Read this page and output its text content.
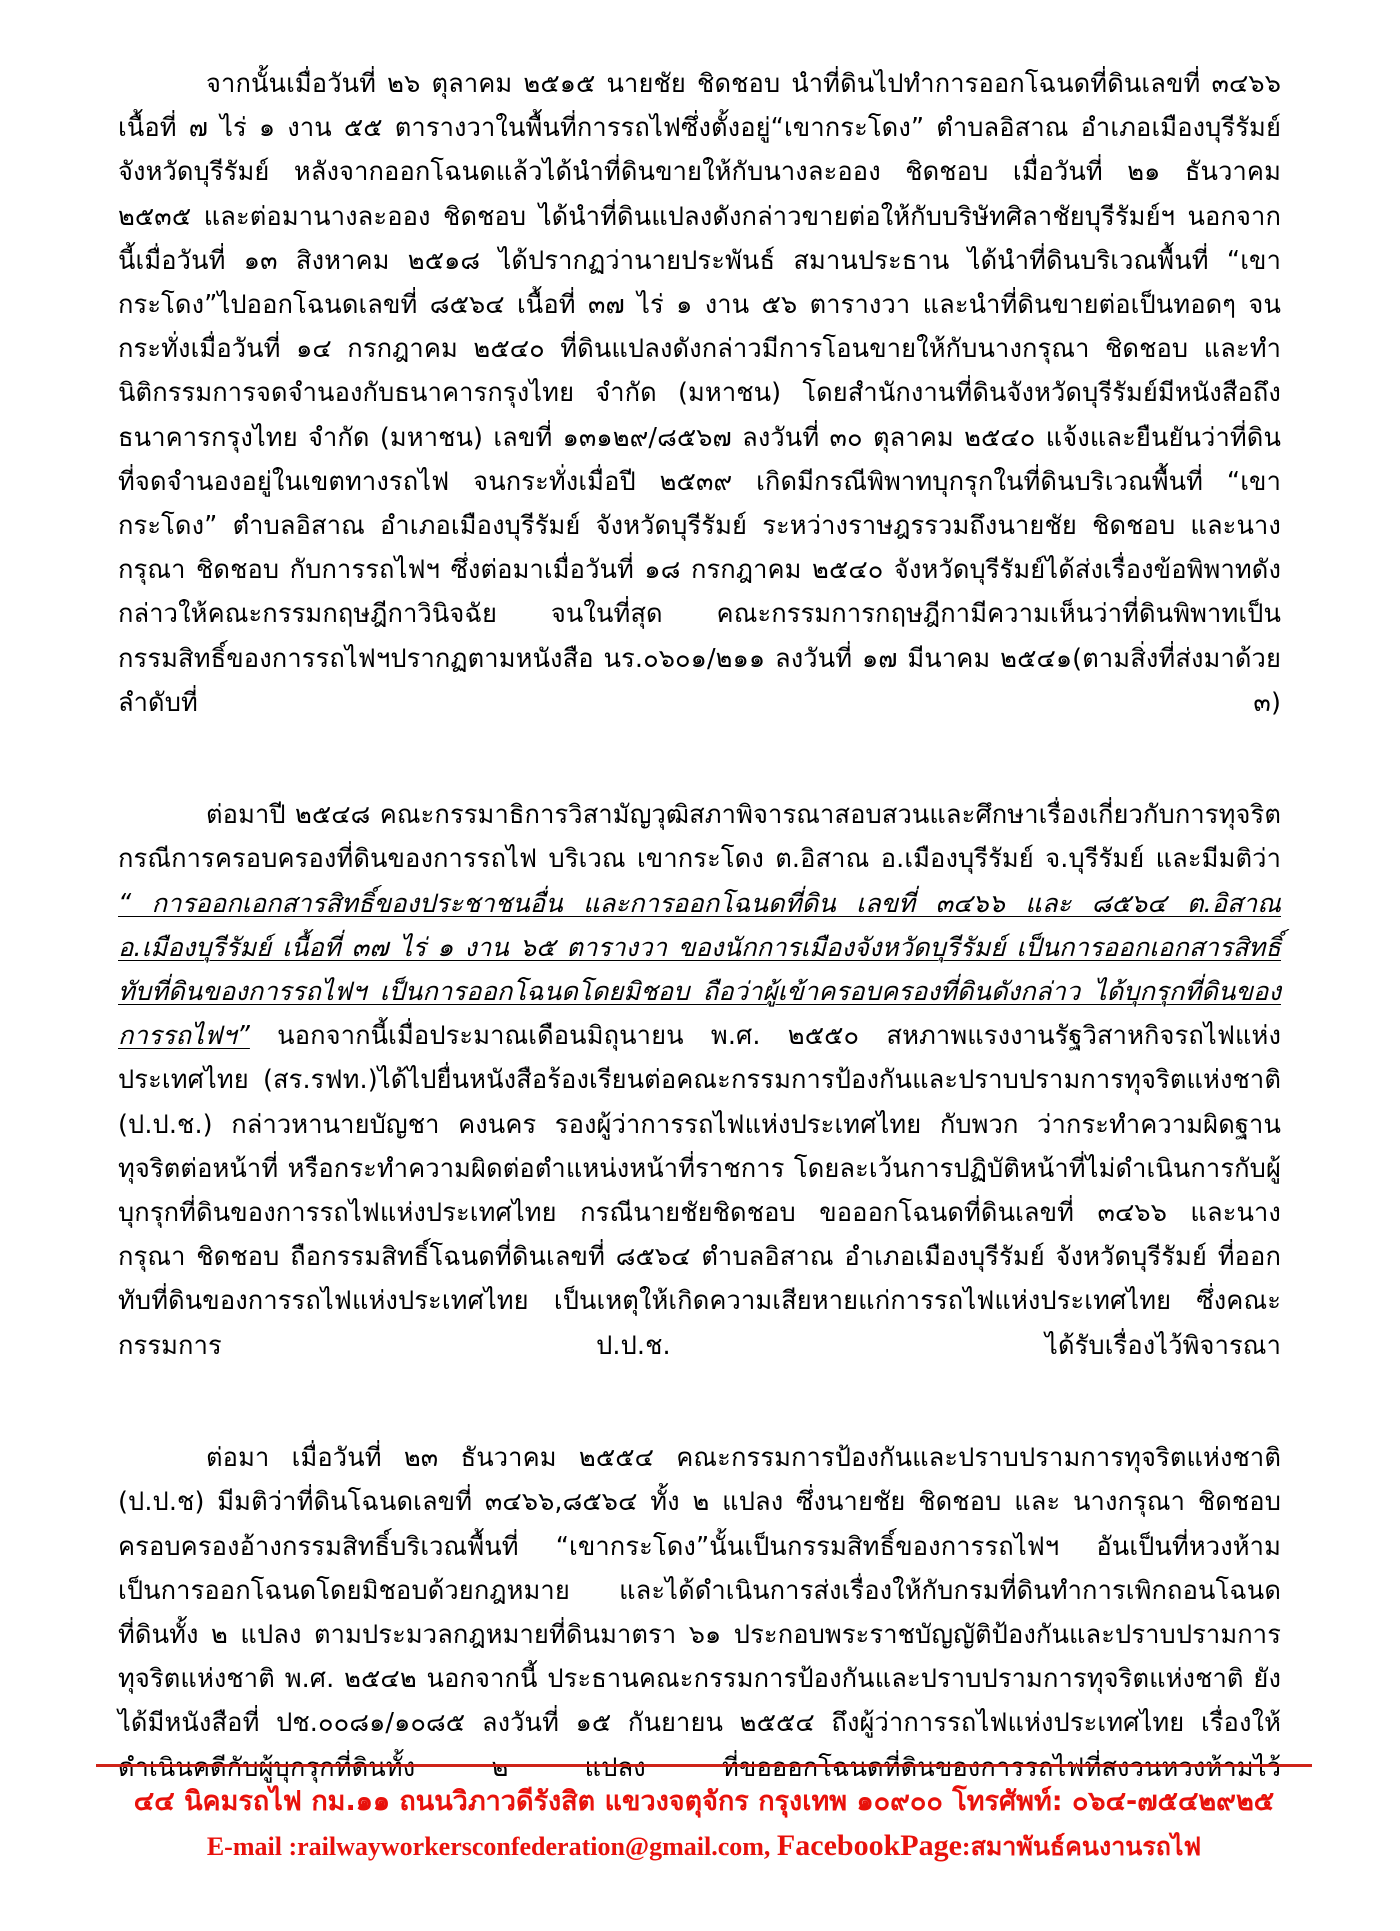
จากนั้นเมื่อวันที่ ๒๖ ตุลาคม ๒๕๑๕ นายชัย ชิดชอบ นำที่ดินไปทำการออกโฉนดที่ดินเลขที่ ๓๔๖๖ เนื้อที่ ๗ ไร่ ๑ งาน ๕๕ ตารางวาในพื้นที่การรถไฟซึ่งตั้งอยู่“เขากระโดง” ตำบลอิสาณ อำเภอเมืองบุรีรัมย์ จังหวัดบุรีรัมย์ หลังจากออกโฉนดแล้วได้นำที่ดินขายให้กับนางละออง ชิดชอบ เมื่อวันที่ ๒๑ ธันวาคม ๒๕๓๕ และต่อมานางละออง ชิดชอบ ได้นำที่ดินแปลงดังกล่าวขายต่อให้กับบริษัทศิลาชัยบุรีรัมย์ฯ นอกจากนี้เมื่อวันที่ ๑๓ สิงหาคม ๒๕๑๘ ได้ปรากฏว่านายประพันธ์ สมานประธาน ได้นำที่ดินบริเวณพื้นที่ “เขากระโดง”ไปออกโฉนดเลขที่ ๘๕๖๔ เนื้อที่ ๓๗ ไร่ ๑ งาน ๕๖ ตารางวา และนำที่ดินขายต่อเป็นทอดๆ จนกระทั่งเมื่อวันที่ ๑๔ กรกฎาคม ๒๕๔๐ ที่ดินแปลงดังกล่าวมีการโอนขายให้กับนางกรุณา ชิดชอบ และทำนิติกรรมการจดจำนองกับธนาคารกรุงไทย จำกัด (มหาชน) โดยสำนักงานที่ดินจังหวัดบุรีรัมย์มีหนังสือถึงธนาคารกรุงไทย จำกัด (มหาชน) เลขที่ ๑๓๑๒๙/๘๕๖๗ ลงวันที่ ๓๐ ตุลาคม ๒๕๔๐ แจ้งและยืนยันว่าที่ดินที่จดจำนองอยู่ในเขตทางรถไฟ จนกระทั่งเมื่อปี ๒๕๓๙ เกิดมีกรณีพิพาทบุกรุกในที่ดินบริเวณพื้นที่ “เขากระโดง” ตำบลอิสาณ อำเภอเมืองบุรีรัมย์ จังหวัดบุรีรัมย์ ระหว่างราษฎรรวมถึงนายชัย ชิดชอบ และนางกรุณา ชิดชอบ กับการรถไฟฯ ซึ่งต่อมาเมื่อวันที่ ๑๘ กรกฎาคม ๒๕๔๐ จังหวัดบุรีรัมย์ได้ส่งเรื่องข้อพิพาทดังกล่าวให้คณะกรรมกฤษฎีกาวินิจฉัย จนในที่สุด คณะกรรมการกฤษฎีกามีความเห็นว่าที่ดินพิพาทเป็นกรรมสิทธิ์ของการรถไฟฯปรากฏตามหนังสือ นร.๐๖๐๑/๒๑๑ ลงวันที่ ๑๗ มีนาคม ๒๕๔๑(ตามสิ่งที่ส่งมาด้วย ลำดับที่ ๓)

ต่อมาปี ๒๕๔๘ คณะกรรมาธิการวิสามัญวุฒิสภาพิจารณาสอบสวนและศึกษาเรื่องเกี่ยวกับการทุจริตกรณีการครอบครองที่ดินของการรถไฟ บริเวณ เขากระโดง ต.อิสาณ อ.เมืองบุรีรัมย์ จ.บุรีรัมย์ และมีมติว่า “ การออกเอกสารสิทธิ์ของประชาชนอื่น และการออกโฉนดที่ดิน เลขที่ ๓๔๖๖ และ ๘๕๖๔ ต.อิสาณ อ.เมืองบุรีรัมย์ เนื้อที่ ๓๗ ไร่ ๑ งาน ๖๕ ตารางวา ของนักการเมืองจังหวัดบุรีรัมย์ เป็นการออกเอกสารสิทธิ์ทับที่ดินของการรถไฟฯ เป็นการออกโฉนดโดยมิชอบ ถือว่าผู้เข้าครอบครองที่ดินดังกล่าว ได้บุกรุกที่ดินของการรถไฟฯ” นอกจากนี้เมื่อประมาณเดือนมิถุนายน พ.ศ. ๒๕๕๐ สหภาพแรงงานรัฐวิสาหกิจรถไฟแห่งประเทศไทย (สร.รฟท.)ได้ไปยื่นหนังสือร้องเรียนต่อคณะกรรมการป้องกันและปราบปรามการทุจริตแห่งชาติ (ป.ป.ช.) กล่าวหานายบัญชา คงนคร รองผู้ว่าการรถไฟแห่งประเทศไทย กับพวก ว่ากระทำความผิดฐานทุจริตต่อหน้าที่ หรือกระทำความผิดต่อตำแหน่งหน้าที่ราชการ โดยละเว้นการปฏิบัติหน้าที่ไม่ดำเนินการกับผู้บุกรุกที่ดินของการรถไฟแห่งประเทศไทย กรณีนายชัยชิดชอบ ขอออกโฉนดที่ดินเลขที่ ๓๔๖๖ และนางกรุณา ชิดชอบ ถือกรรมสิทธิ์โฉนดที่ดินเลขที่ ๘๕๖๔ ตำบลอิสาณ อำเภอเมืองบุรีรัมย์ จังหวัดบุรีรัมย์ ที่ออกทับที่ดินของการรถไฟแห่งประเทศไทย เป็นเหตุให้เกิดความเสียหายแก่การรถไฟแห่งประเทศไทย ซึ่งคณะกรรมการ ป.ป.ช. ได้รับเรื่องไว้พิจารณา

ต่อมา เมื่อวันที่ ๒๓ ธันวาคม ๒๕๕๔ คณะกรรมการป้องกันและปราบปรามการทุจริตแห่งชาติ (ป.ป.ช) มีมติว่าที่ดินโฉนดเลขที่ ๓๔๖๖,๘๕๖๔ ทั้ง ๒ แปลง ซึ่งนายชัย ชิดชอบ และ นางกรุณา ชิดชอบ ครอบครองอ้างกรรมสิทธิ์บริเวณพื้นที่ “เขากระโดง”นั้นเป็นกรรมสิทธิ์ของการรถไฟฯ อันเป็นที่หวงห้ามเป็นการออกโฉนดโดยมิชอบด้วยกฎหมาย และได้ดำเนินการส่งเรื่องให้กับกรมที่ดินทำการเพิกถอนโฉนดที่ดินทั้ง ๒ แปลง ตามประมวลกฎหมายที่ดินมาตรา ๖๑ ประกอบพระราชบัญญัติป้องกันและปราบปรามการทุจริตแห่งชาติ พ.ศ. ๒๕๔๒ นอกจากนี้ ประธานคณะกรรมการป้องกันและปราบปรามการทุจริตแห่งชาติ ยังได้มีหนังสือที่ ปช.๐๐๘๑/๑๐๘๕ ลงวันที่ ๑๕ กันยายน ๒๕๕๔ ถึงผู้ว่าการรถไฟแห่งประเทศไทย เรื่องให้ดำเนินคดีกับผู้บุกรุกที่ดินทั้ง ๒ แปลง ที่ขอออกโฉนดที่ดินของการรถไฟที่สงวนหวงห้ามไว้

๔๔ นิคมรถไฟ กม.๑๑ ถนนวิภาวดีรังสิต แขวงจตุจักร กรุงเทพ ๑๐๙๐๐ โทรศัพท์: ๐๖๔-๗๕๔๒๙๒๕
E-mail :railwayworkersconfederation@gmail.com, FacebookPage:สมาพันธ์คนงานรถไฟ
